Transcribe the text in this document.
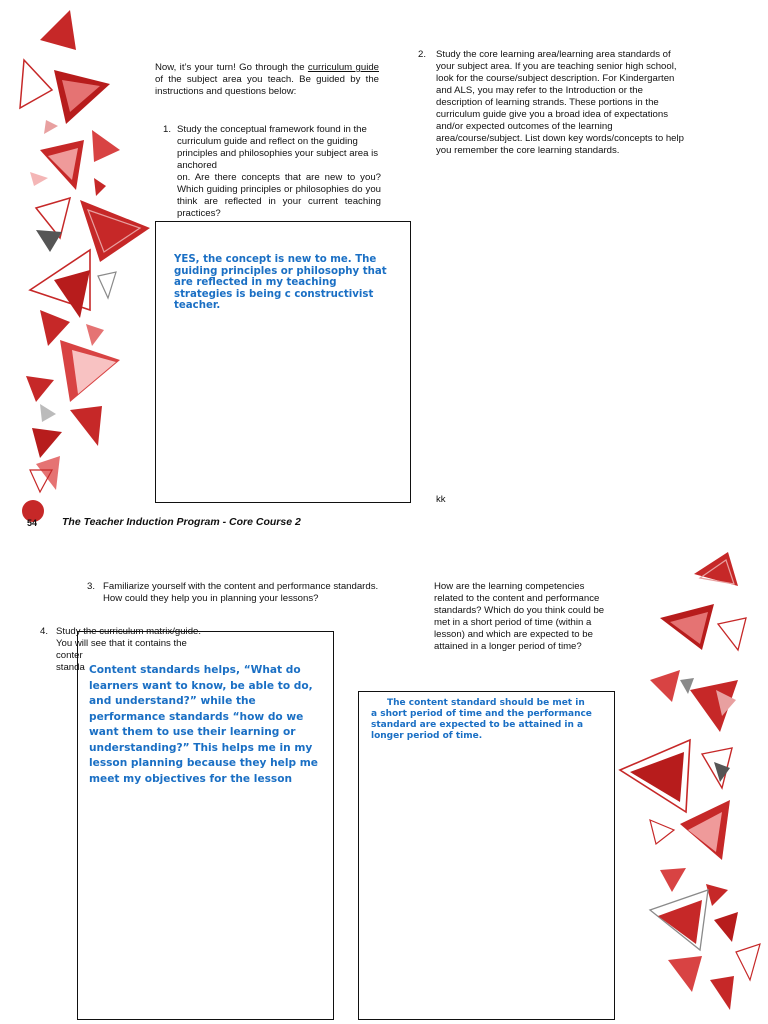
Now, it’s your turn! Go through the curriculum guide of the subject area you teach. Be guided by the instructions and questions below:
1. Study the conceptual framework found in the curriculum guide and reflect on the guiding principles and philosophies your subject area is anchored
on. Are there concepts that are new to you? Which guiding principles or philosophies do you think are reflected in your current teaching practices?
YES, the concept is new to me. The guiding principles or philosophy that are reflected in my teaching strategies is being c constructivist teacher.
2.	Study the core learning area/learning area standards of your subject area. If you are teaching senior high school, look for the course/subject description. For Kindergarten and ALS, you may refer to the Introduction or the description of learning strands. These portions in the curriculum guide give you a broad idea of expectations and/or expected outcomes of the learning area/course/subject. List down key words/concepts to help you remember the core learning standards.
kk
54 The Teacher Induction Program - Core Course 2
3. Familiarize yourself with the content and performance standards. How could they help you in planning your lessons?
4. Study the curriculum matrix/guide.
You will see that it contains the
conter
standa Content standards helps, “What do learners want to know, be able to do, and understand?” while the performance standards “how do we want them to use their learning or understanding?” This helps me in my lesson planning because they help me meet my objectives for the lesson
How are the learning competencies related to the content and performance standards? Which do you think could be met in a short period of time (within a lesson) and which are expected to be attained in a longer period of time?
The content standard should be met in a short period of time and the performance standard are expected to be attained in a longer period of time.
